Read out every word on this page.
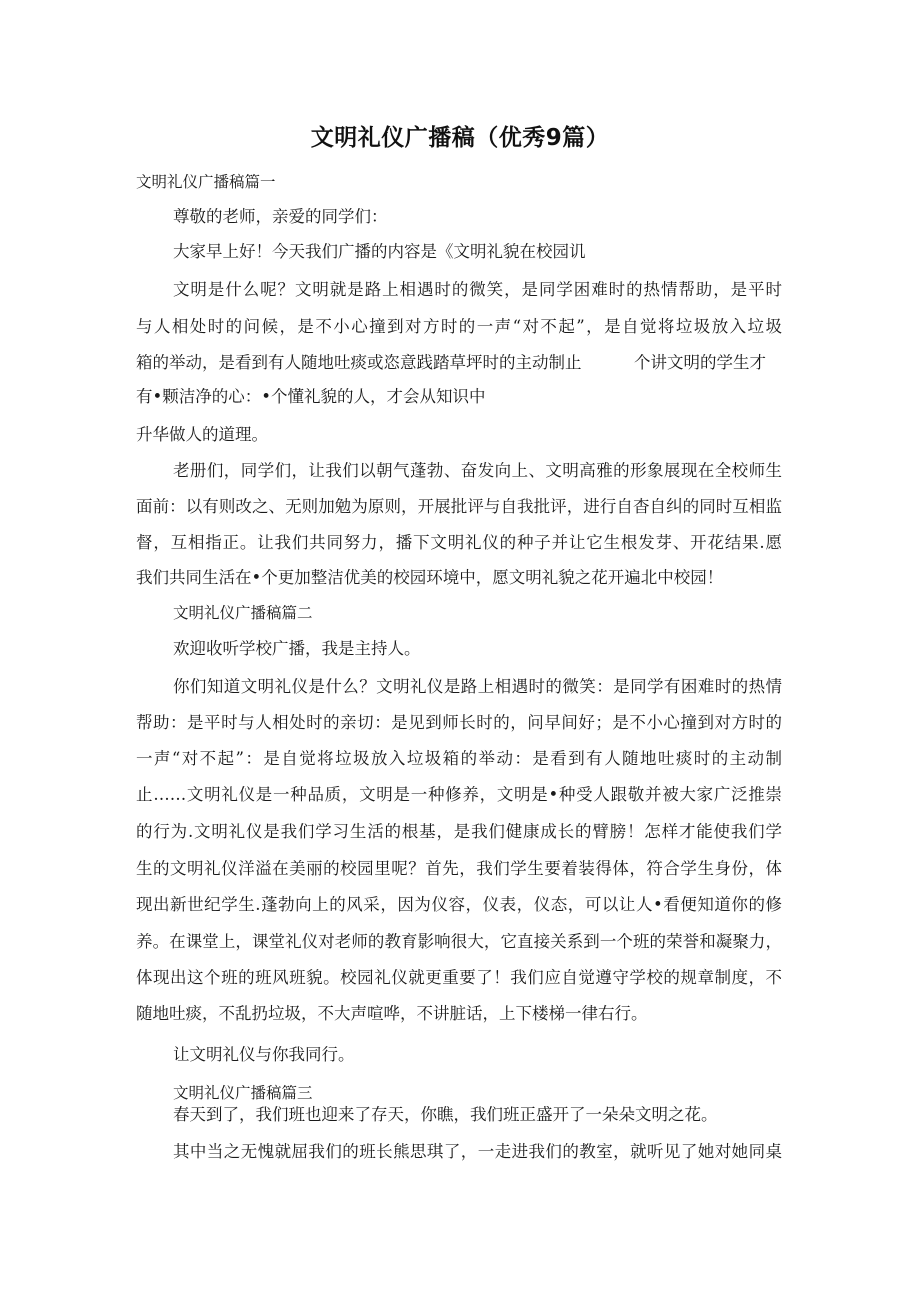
文明礼仪广播稿（优秀9篇）
文明礼仪广播稿篇一
尊敬的老师，亲爱的同学们：
大家早上好！今天我们广播的内容是《文明礼貌在校园讥
文明是什么呢？文明就是路上相遇时的微笑，是同学困难时的热情帮助，是平时
与人相处时的问候，是不小心撞到对方时的一声“对不起”，是自觉将垃圾放入垃圾
箱的举动，是看到有人随地吐痰或恣意践踏草坪时的主动制止          个讲文明的学生才
有•颗洁净的心：•个懂礼貌的人，才会从知识中
升华做人的道理。
老册们，同学们，让我们以朝气蓬勃、奋发向上、文明高雅的形象展现在全校师生
面前：以有则改之、无则加勉为原则，开展批评与自我批评，进行自杳自纠的同时互相监
督，互相指正。让我们共同努力，播下文明礼仪的种子并让它生根发芽、开花结果.愿
我们共同生活在•个更加整洁优美的校园环境中，愿文明礼貌之花开遍北中校园！
文明礼仪广播稿篇二
欢迎收听学校广播，我是主持人。
你们知道文明礼仪是什么？文明礼仪是路上相遇时的微笑：是同学有困难时的热情
帮助：是平时与人相处时的亲切：是见到师长时的，问早间好；是不小心撞到对方时的
一声“对不起”：是自觉将垃圾放入垃圾箱的举动：是看到有人随地吐痰时的主动制
止……文明礼仪是一种品质，文明是一种修养，文明是•种受人跟敬并被大家广泛推崇
的行为.文明礼仪是我们学习生活的根基，是我们健康成长的臂膀！怎样才能使我们学
生的文明礼仪洋溢在美丽的校园里呢？首先，我们学生要着装得体，符合学生身份，体
现出新世纪学生.蓬勃向上的风采，因为仪容，仪表，仪态，可以让人•看便知道你的修
养。在课堂上，课堂礼仪对老师的教育影响很大，它直接关系到一个班的荣誉和凝聚力，
体现出这个班的班风班貌。校园礼仪就更重要了！我们应自觉遵守学校的规章制度，不
随地吐痰，不乱扔垃圾，不大声喧哗，不讲脏话，上下楼梯一律右行。
让文明礼仪与你我同行。
文明礼仪广播稿篇三
春天到了，我们班也迎来了存天，你瞧，我们班正盛开了一朵朵文明之花。
其中当之无愧就屈我们的班长熊思琪了，一走进我们的教室，就听见了她对她同桌
